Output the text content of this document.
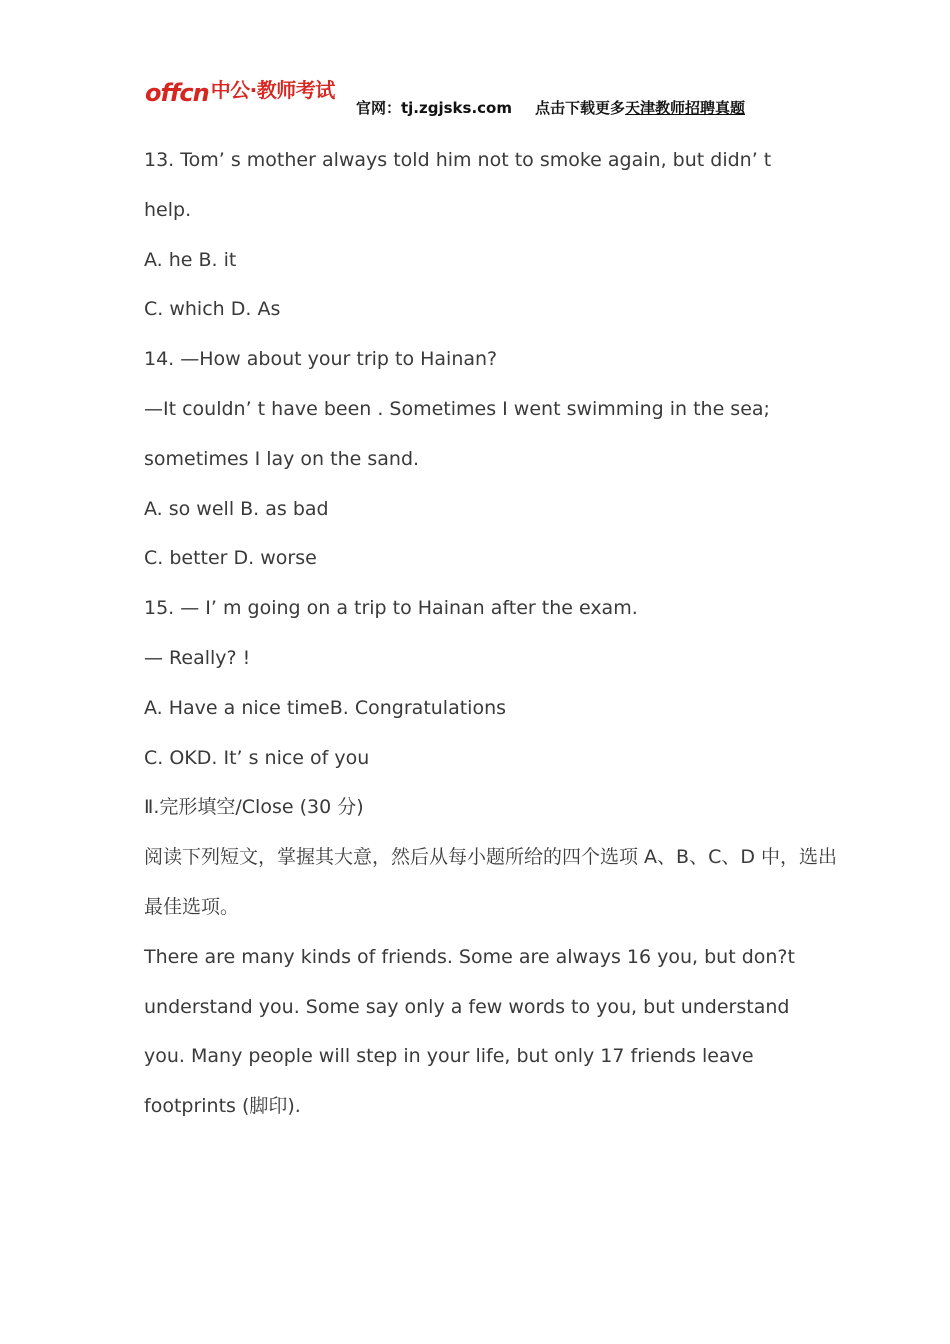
offcn 中公·教师考试
官网：tj.zgjsks.com 点击下载更多天津教师招聘真题
13. Tom’ s mother always told him not to smoke again, but didn’ t
help.
A. he B. it
C. which D. As
14. —How about your trip to Hainan?
—It couldn’ t have been . Sometimes I went swimming in the sea;
sometimes I lay on the sand.
A. so well B. as bad
C. better D. worse
15. — I’ m going on a trip to Hainan after the exam.
— Really? !
A. Have a nice timeB. Congratulations
C. OKD. It’ s nice of you
Ⅱ.完形填空/Close (30 分)
阅读下列短文，掌握其大意，然后从每小题所给的四个选项 A、B、C、D 中，选出
最佳选项。
There are many kinds of friends. Some are always 16 you, but don?t
understand you. Some say only a few words to you, but understand
you. Many people will step in your life, but only 17 friends leave
footprints (脚印).
